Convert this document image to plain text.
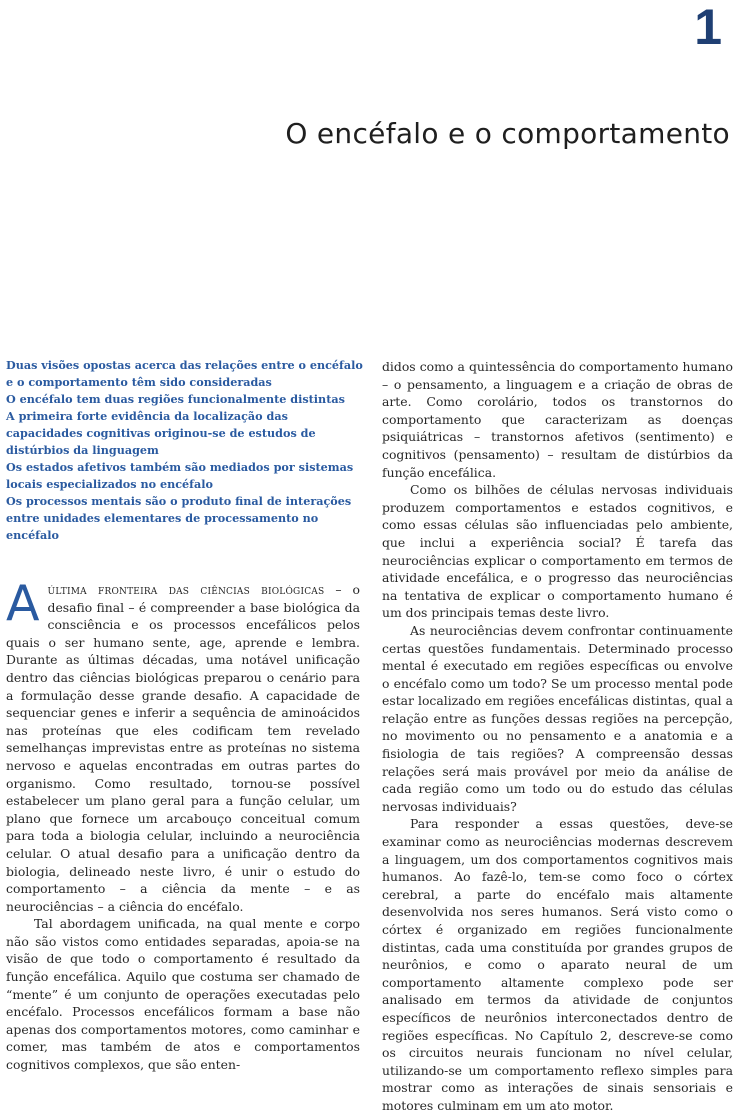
1
O encéfalo e o comportamento
Duas visões opostas acerca das relações entre o encéfalo e o comportamento têm sido consideradas
O encéfalo tem duas regiões funcionalmente distintas
A primeira forte evidência da localização das capacidades cognitivas originou-se de estudos de distúrbios da linguagem
Os estados afetivos também são mediados por sistemas locais especializados no encéfalo
Os processos mentais são o produto final de interações entre unidades elementares de processamento no encéfalo

Aúltima fronteira das ciências biológicas – o desafio final – é compreender a base biológica da consciência e os processos encefálicos pelos quais o ser humano sente, age, aprende e lembra. Durante as últimas décadas, uma notável unificação dentro das ciências biológicas preparou o cenário para a formulação desse grande desafio. A capacidade de sequenciar genes e inferir a sequência de aminoácidos nas proteínas que eles codificam tem revelado semelhanças imprevistas entre as proteínas no sistema nervoso e aquelas encontradas em outras partes do organismo. Como resultado, tornou-se possível estabelecer um plano geral para a função celular, um plano que fornece um arcabouço conceitual comum para toda a biologia celular, incluindo a neurociência celular. O atual desafio para a unificação dentro da biologia, delineado neste livro, é unir o estudo do comportamento – a ciência da mente – e as neurociências – a ciência do encéfalo.

Tal abordagem unificada, na qual mente e corpo não são vistos como entidades separadas, apoia-se na visão de que todo o comportamento é resultado da função encefálica. Aquilo que costuma ser chamado de “mente” é um conjunto de operações executadas pelo encéfalo. Processos encefálicos formam a base não apenas dos comportamentos motores, como caminhar e comer, mas também de atos e comportamentos cognitivos complexos, que são enten-

didos como a quintessência do comportamento humano – o pensamento, a linguagem e a criação de obras de arte. Como corolário, todos os transtornos do comportamento que caracterizam as doenças psiquiátricas – transtornos afetivos (sentimento) e cognitivos (pensamento) – resultam de distúrbios da função encefálica.

Como os bilhões de células nervosas individuais produzem comportamentos e estados cognitivos, e como essas células são influenciadas pelo ambiente, que inclui a experiência social? É tarefa das neurociências explicar o comportamento em termos de atividade encefálica, e o progresso das neurociências na tentativa de explicar o comportamento humano é um dos principais temas deste livro.

As neurociências devem confrontar continuamente certas questões fundamentais. Determinado processo mental é executado em regiões específicas ou envolve o encéfalo como um todo? Se um processo mental pode estar localizado em regiões encefálicas distintas, qual a relação entre as funções dessas regiões na percepção, no movimento ou no pensamento e a anatomia e a fisiologia de tais regiões? A compreensão dessas relações será mais provável por meio da análise de cada região como um todo ou do estudo das células nervosas individuais?

Para responder a essas questões, deve-se examinar como as neurociências modernas descrevem a linguagem, um dos comportamentos cognitivos mais humanos. Ao fazê-lo, tem-se como foco o córtex cerebral, a parte do encéfalo mais altamente desenvolvida nos seres humanos. Será visto como o córtex é organizado em regiões funcionalmente distintas, cada uma constituída por grandes grupos de neurônios, e como o aparato neural de um comportamento altamente complexo pode ser analisado em termos da atividade de conjuntos específicos de neurônios interconectados dentro de regiões específicas. No Capítulo 2, descreve-se como os circuitos neurais funcionam no nível celular, utilizando-se um comportamento reflexo simples para mostrar como as interações de sinais sensoriais e motores culminam em um ato motor.
